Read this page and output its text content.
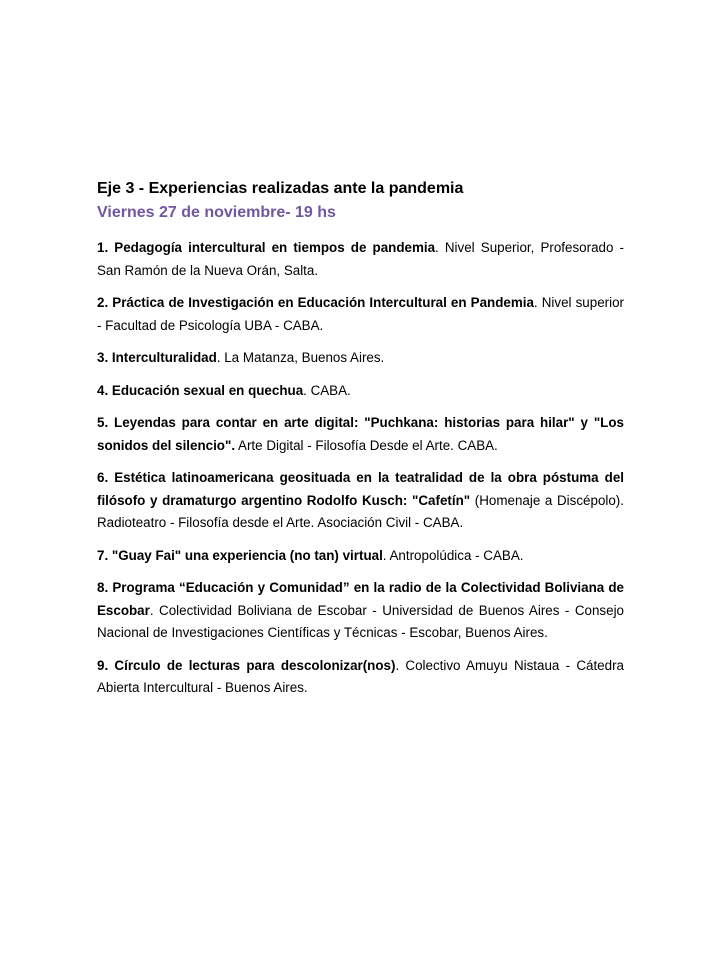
Eje 3 - Experiencias realizadas ante la pandemia

Viernes 27 de noviembre- 19 hs

1. Pedagogía intercultural en tiempos de pandemia. Nivel Superior, Profesorado - San Ramón de la Nueva Orán, Salta.

2. Práctica de Investigación en Educación Intercultural en Pandemia. Nivel superior - Facultad de Psicología UBA - CABA.

3. Interculturalidad. La Matanza, Buenos Aires.

4. Educación sexual en quechua. CABA.

5. Leyendas para contar en arte digital: "Puchkana: historias para hilar" y "Los sonidos del silencio". Arte Digital - Filosofía Desde el Arte. CABA.

6. Estética latinoamericana geosituada en la teatralidad de la obra póstuma del filósofo y dramaturgo argentino Rodolfo Kusch: "Cafetín" (Homenaje a Discépolo). Radioteatro - Filosofía desde el Arte. Asociación Civil - CABA.

7. "Guay Fai" una experiencia (no tan) virtual. Antropolúdica - CABA.

8. Programa “Educación y Comunidad” en la radio de la Colectividad Boliviana de Escobar. Colectividad Boliviana de Escobar - Universidad de Buenos Aires - Consejo Nacional de Investigaciones Científicas y Técnicas - Escobar, Buenos Aires.

9. Círculo de lecturas para descolonizar(nos). Colectivo Amuyu Nistaua - Cátedra Abierta Intercultural - Buenos Aires.
